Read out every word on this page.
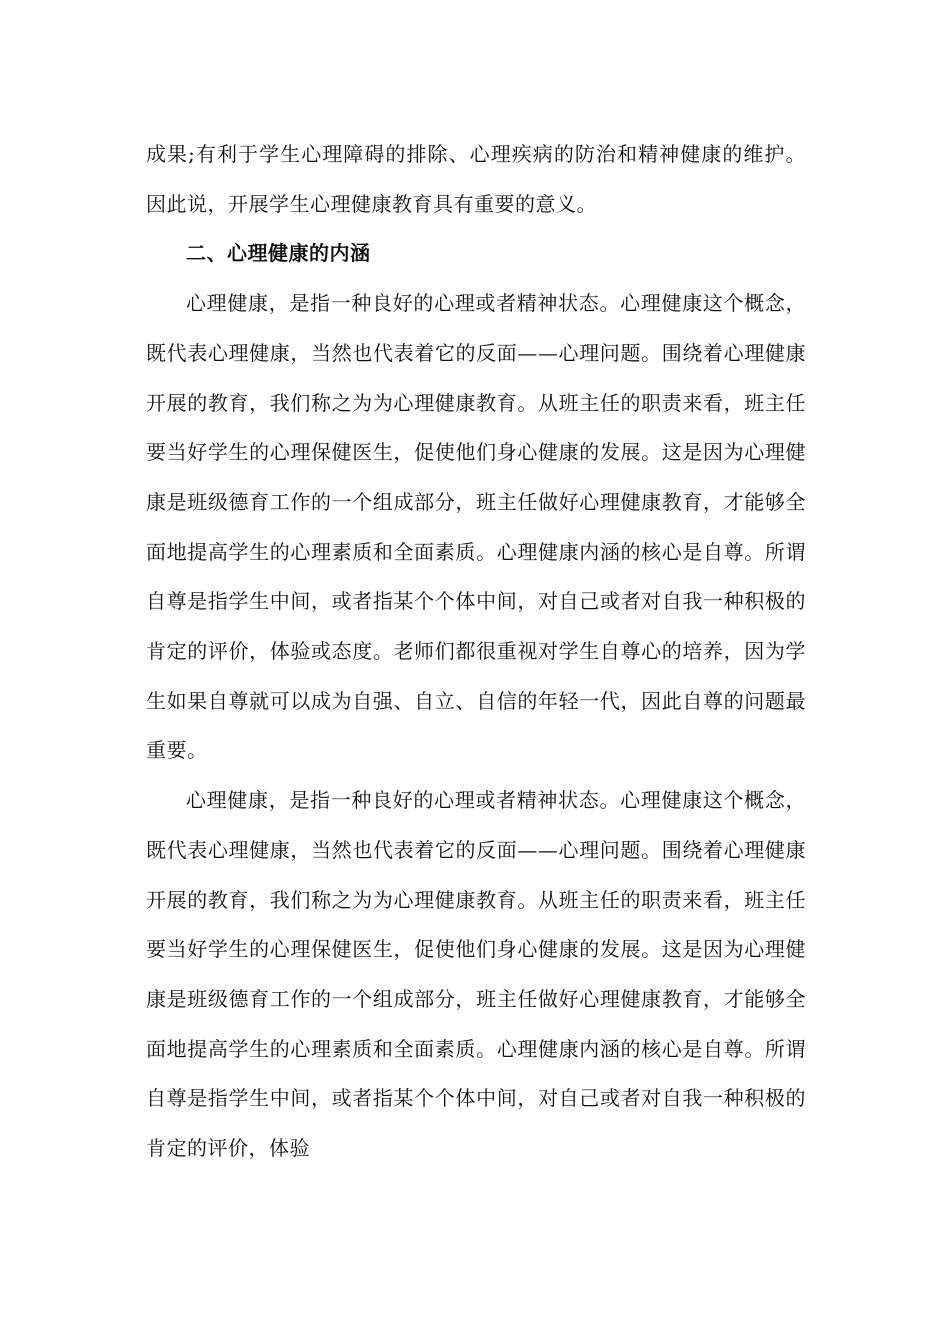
成果;有利于学生心理障碍的排除、心理疾病的防治和精神健康的维护。因此说，开展学生心理健康教育具有重要的意义。

二、心理健康的内涵

心理健康，是指一种良好的心理或者精神状态。心理健康这个概念，既代表心理健康，当然也代表着它的反面——心理问题。围绕着心理健康开展的教育，我们称之为为心理健康教育。从班主任的职责来看，班主任要当好学生的心理保健医生，促使他们身心健康的发展。这是因为心理健康是班级德育工作的一个组成部分，班主任做好心理健康教育，才能够全面地提高学生的心理素质和全面素质。心理健康内涵的核心是自尊。所谓自尊是指学生中间，或者指某个个体中间，对自己或者对自我一种积极的肯定的评价，体验或态度。老师们都很重视对学生自尊心的培养，因为学生如果自尊就可以成为自强、自立、自信的年轻一代，因此自尊的问题最重要。

心理健康，是指一种良好的心理或者精神状态。心理健康这个概念，既代表心理健康，当然也代表着它的反面——心理问题。围绕着心理健康开展的教育，我们称之为为心理健康教育。从班主任的职责来看，班主任要当好学生的心理保健医生，促使他们身心健康的发展。这是因为心理健康是班级德育工作的一个组成部分，班主任做好心理健康教育，才能够全面地提高学生的心理素质和全面素质。心理健康内涵的核心是自尊。所谓自尊是指学生中间，或者指某个个体中间，对自己或者对自我一种积极的肯定的评价，体验
